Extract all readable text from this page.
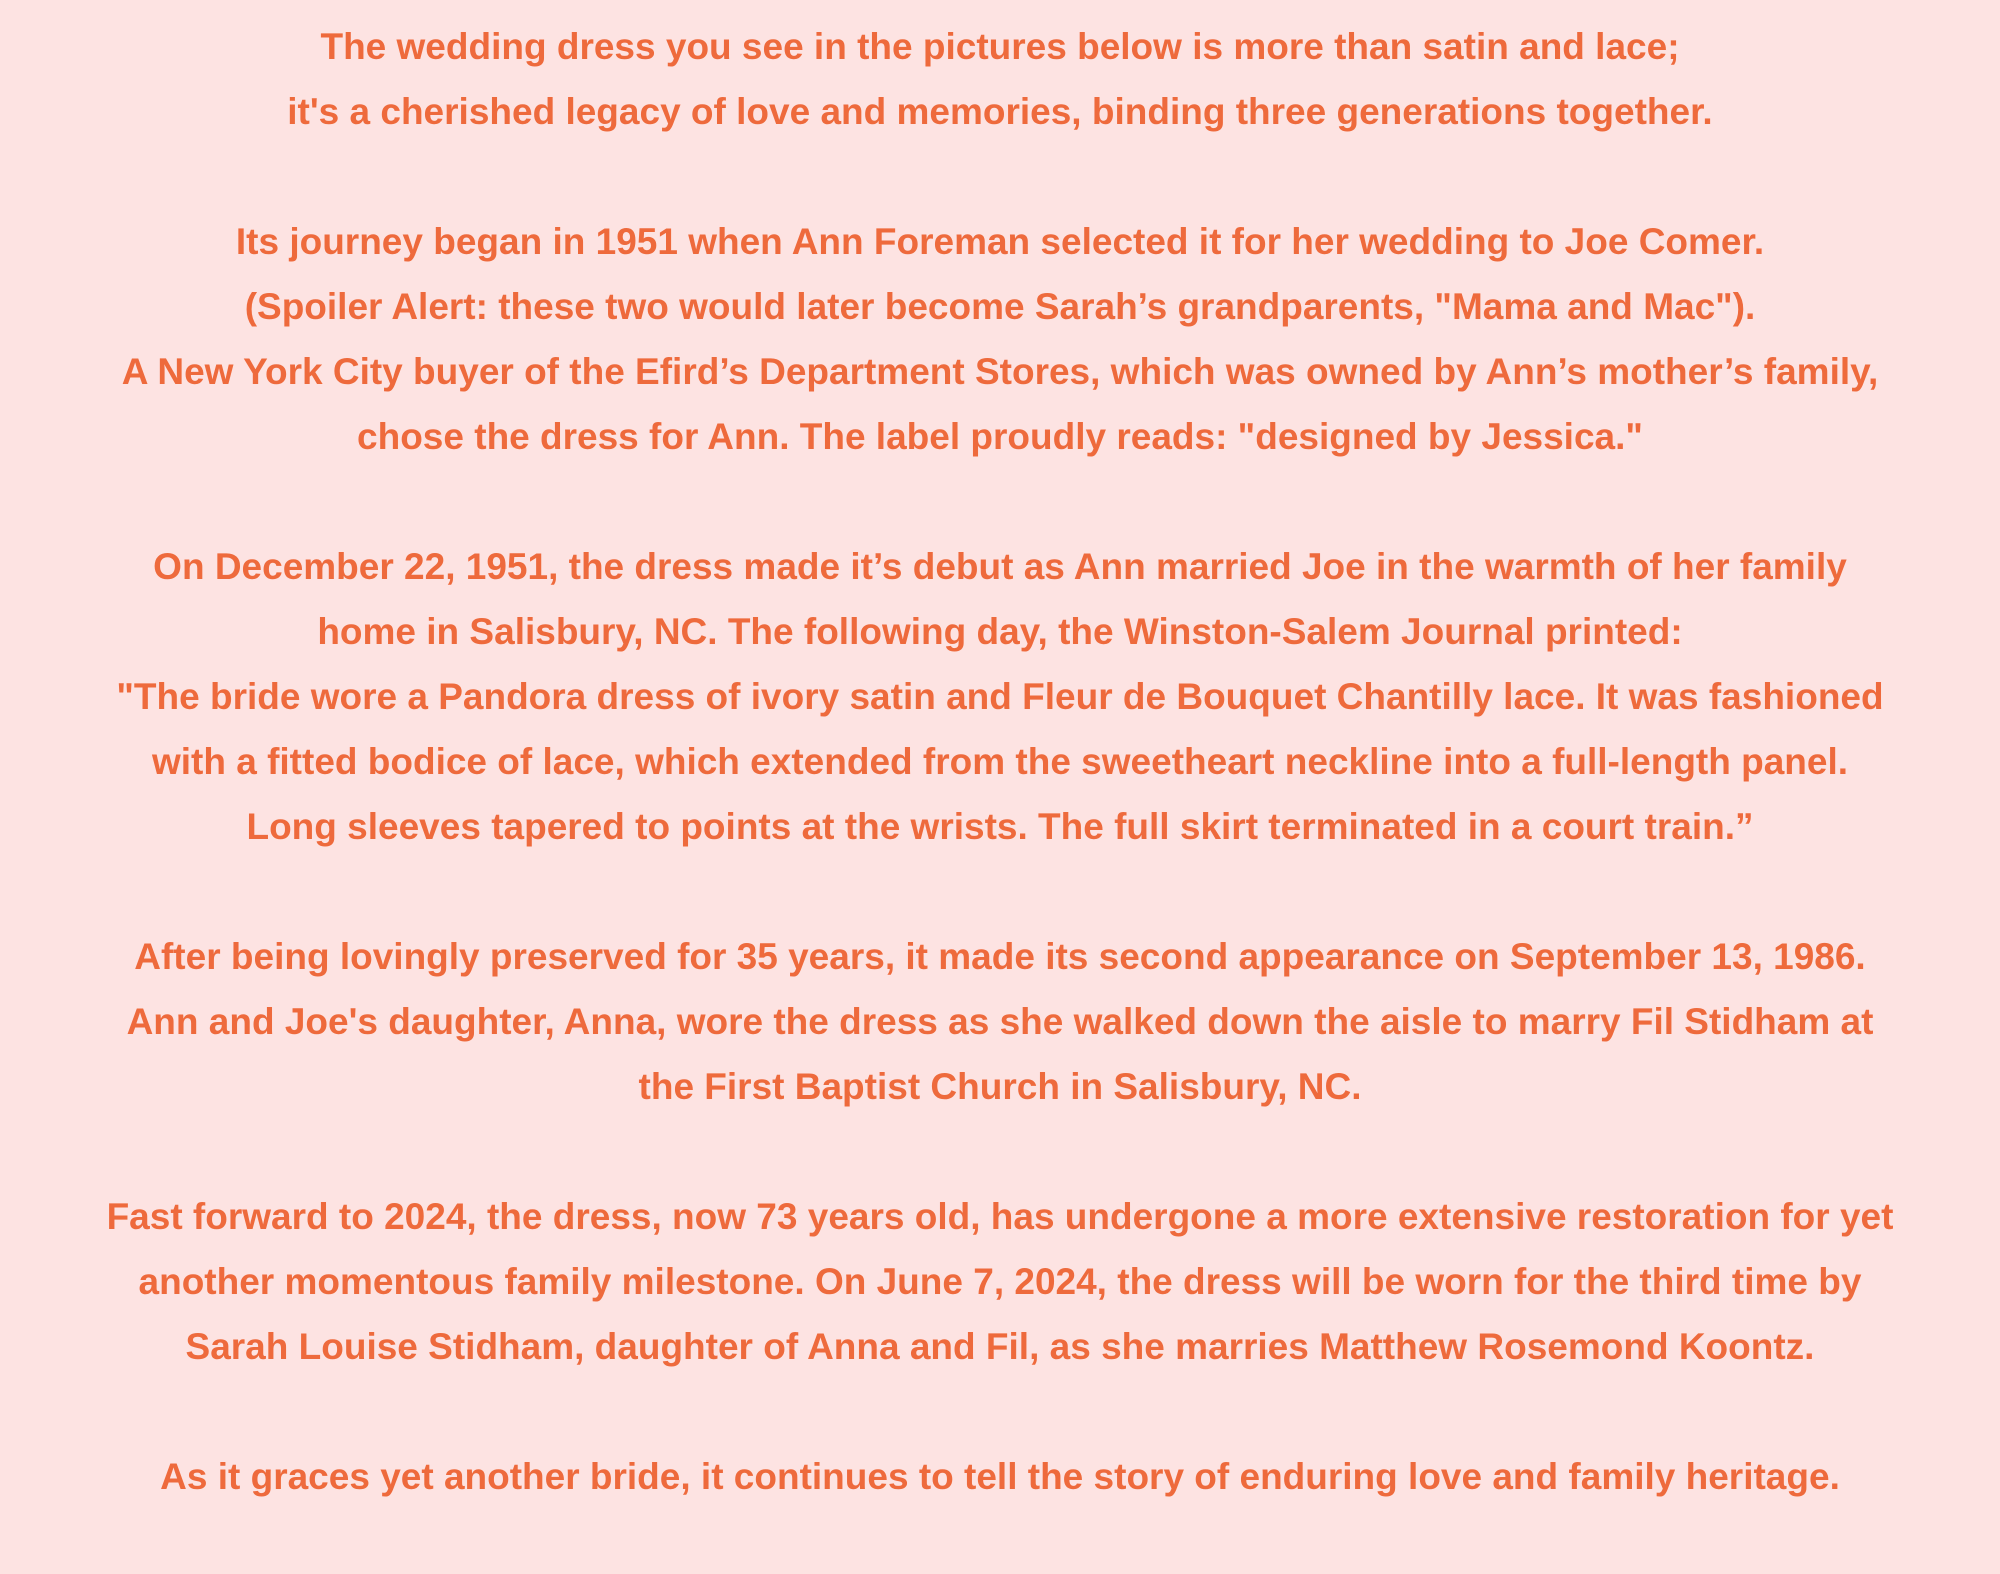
The wedding dress you see in the pictures below is more than satin and lace;
it's a cherished legacy of love and memories, binding three generations together.

Its journey began in 1951 when Ann Foreman selected it for her wedding to Joe Comer.
(Spoiler Alert: these two would later become Sarah’s grandparents, "Mama and Mac").
A New York City buyer of the Efird’s Department Stores, which was owned by Ann’s mother’s family,
chose the dress for Ann. The label proudly reads: "designed by Jessica."

On December 22, 1951, the dress made it’s debut as Ann married Joe in the warmth of her family
home in Salisbury, NC. The following day, the Winston-Salem Journal printed:
"The bride wore a Pandora dress of ivory satin and Fleur de Bouquet Chantilly lace. It was fashioned
with a fitted bodice of lace, which extended from the sweetheart neckline into a full-length panel.
Long sleeves tapered to points at the wrists. The full skirt terminated in a court train.”

After being lovingly preserved for 35 years, it made its second appearance on September 13, 1986.
Ann and Joe's daughter, Anna, wore the dress as she walked down the aisle to marry Fil Stidham at
the First Baptist Church in Salisbury, NC.

Fast forward to 2024, the dress, now 73 years old, has undergone a more extensive restoration for yet
another momentous family milestone. On June 7, 2024, the dress will be worn for the third time by
Sarah Louise Stidham, daughter of Anna and Fil, as she marries Matthew Rosemond Koontz.

As it graces yet another bride, it continues to tell the story of enduring love and family heritage.
